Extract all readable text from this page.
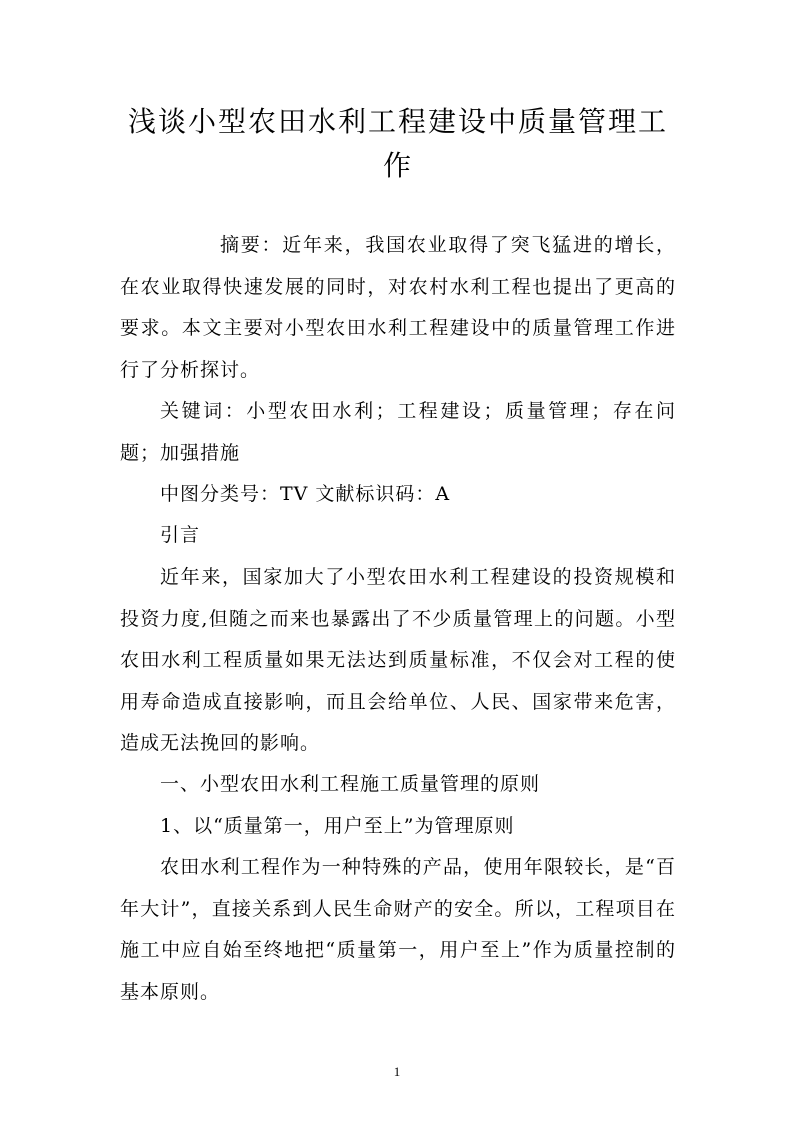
浅谈小型农田水利工程建设中质量管理工作

摘要：近年来，我国农业取得了突飞猛进的增长，在农业取得快速发展的同时，对农村水利工程也提出了更高的要求。本文主要对小型农田水利工程建设中的质量管理工作进行了分析探讨。

关键词：小型农田水利；工程建设；质量管理；存在问题；加强措施

中图分类号：TV 文献标识码：A

引言

近年来，国家加大了小型农田水利工程建设的投资规模和投资力度,但随之而来也暴露出了不少质量管理上的问题。小型农田水利工程质量如果无法达到质量标准，不仅会对工程的使用寿命造成直接影响，而且会给单位、人民、国家带来危害，造成无法挽回的影响。

一、小型农田水利工程施工质量管理的原则

1、以“质量第一，用户至上”为管理原则

农田水利工程作为一种特殊的产品，使用年限较长，是“百年大计”，直接关系到人民生命财产的安全。所以，工程项目在施工中应自始至终地把“质量第一，用户至上”作为质量控制的基本原则。

1
